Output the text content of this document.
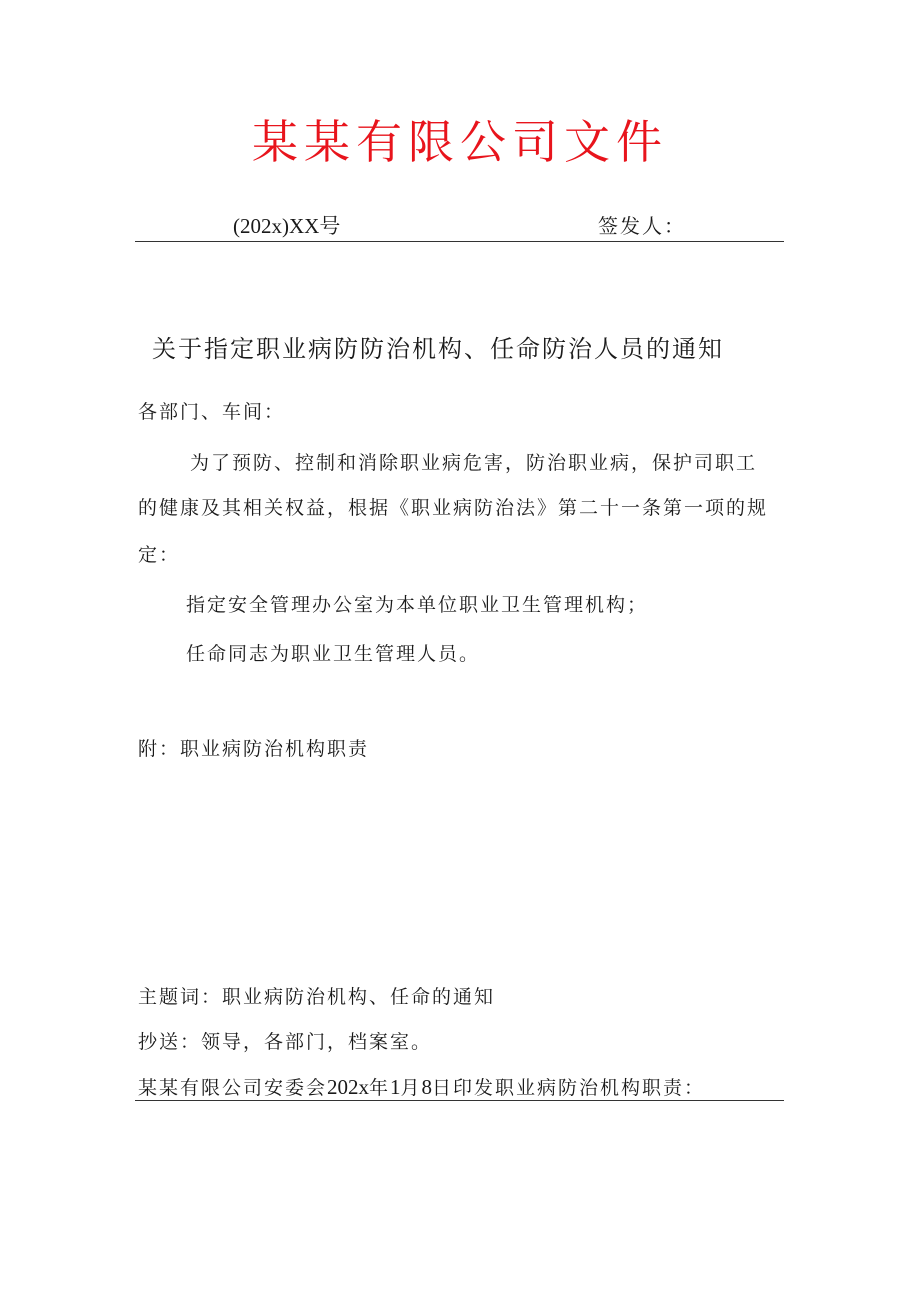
某某有限公司文件
(202x)XX号	签发人：
关于指定职业病防防治机构、任命防治人员的通知
各部门、车间：
为了预防、控制和消除职业病危害，防治职业病，保护司职工
的健康及其相关权益，根据《职业病防治法》第二十一条第一项的规
定：
指定安全管理办公室为本单位职业卫生管理机构；
任命同志为职业卫生管理人员。
附：职业病防治机构职责
主题词：职业病防治机构、任命的通知
抄送：领导，各部门，档案室。
某某有限公司安委会202x年1月8日印发职业病防治机构职责：
